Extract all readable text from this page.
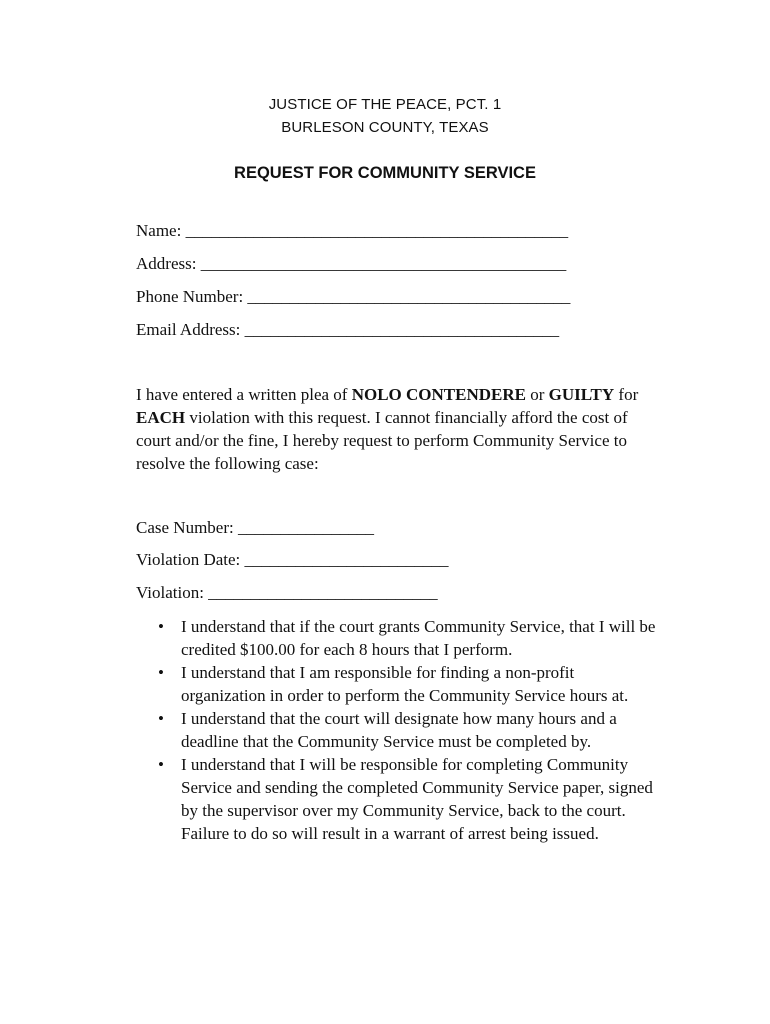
JUSTICE OF THE PEACE, PCT. 1
BURLESON COUNTY, TEXAS
REQUEST FOR COMMUNITY SERVICE
Name: _____________________________________________
Address: ___________________________________________
Phone Number: ______________________________________
Email Address: _____________________________________
I have entered a written plea of NOLO CONTENDERE or GUILTY for
EACH violation with this request. I cannot financially afford the cost of
court and/or the fine, I hereby request to perform Community Service to
resolve the following case:
Case Number: ________________
Violation Date: ________________________
Violation: ___________________________
• I understand that if the court grants Community Service, that I will be
credited $100.00 for each 8 hours that I perform.
• I understand that I am responsible for finding a non-profit
organization in order to perform the Community Service hours at.
• I understand that the court will designate how many hours and a
deadline that the Community Service must be completed by.
• I understand that I will be responsible for completing Community
Service and sending the completed Community Service paper, signed
by the supervisor over my Community Service, back to the court.
Failure to do so will result in a warrant of arrest being issued.
